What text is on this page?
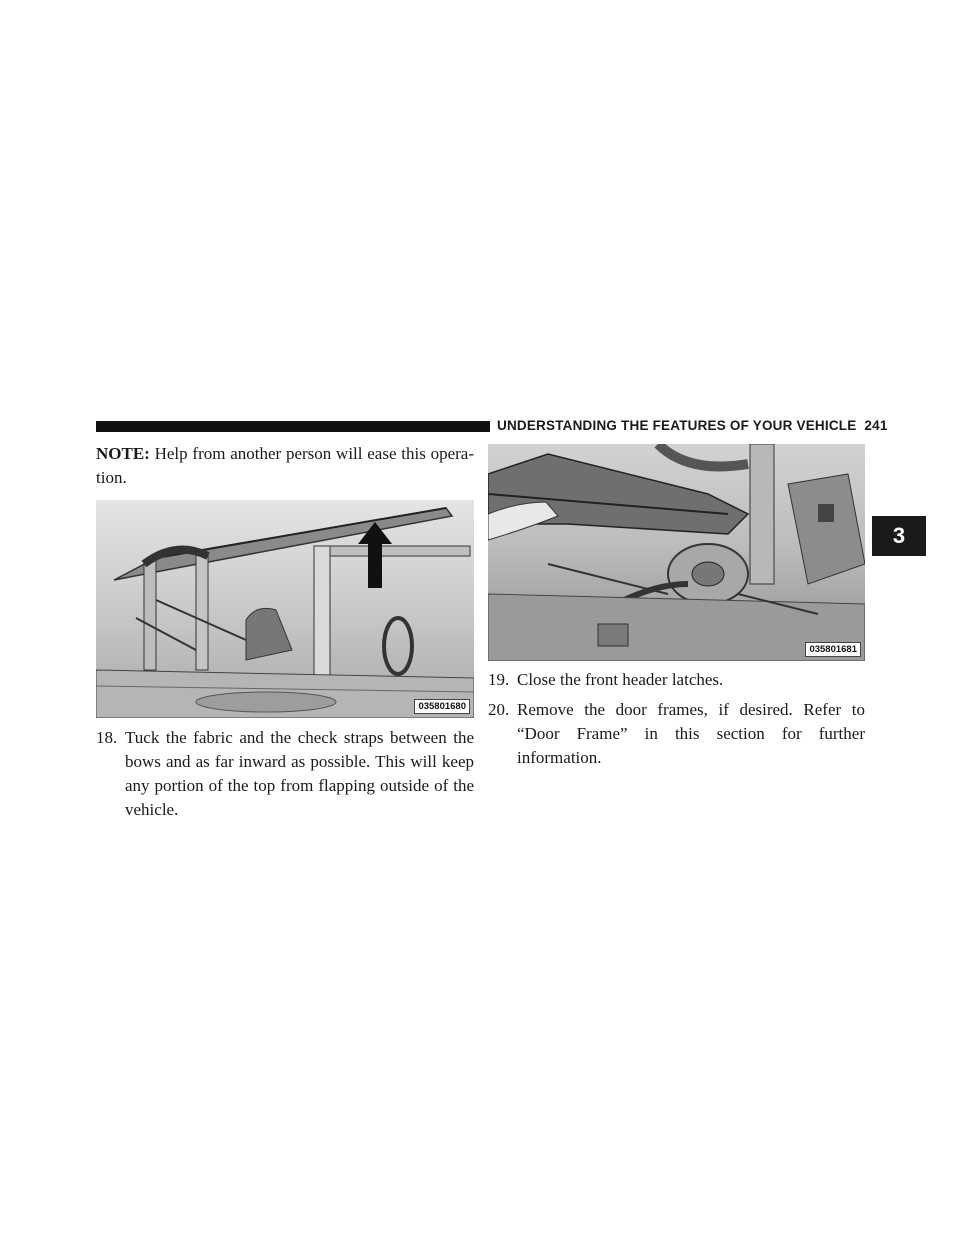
UNDERSTANDING THE FEATURES OF YOUR VEHICLE 241
3

NOTE: Help from another person will ease this opera-tion.

035801680

18. Tuck the fabric and the check straps between the bows and as far inward as possible. This will keep any portion of the top from flapping outside of the vehicle.

035801681

19. Close the front header latches.

20. Remove the door frames, if desired. Refer to “Door Frame” in this section for further information.
